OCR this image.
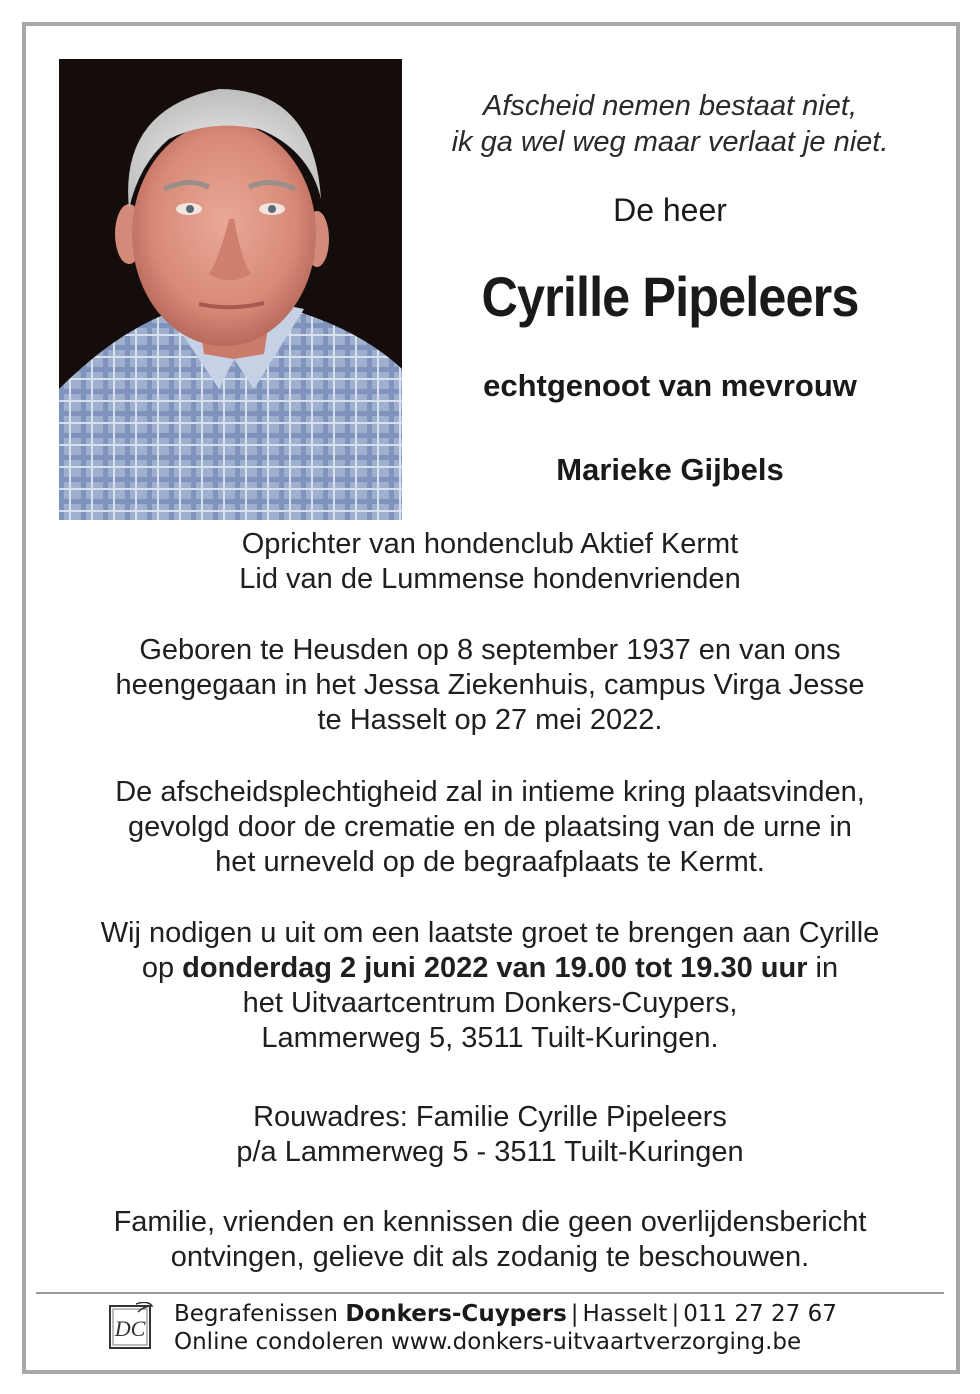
Afscheid nemen bestaat niet,
ik ga wel weg maar verlaat je niet.
De heer
Cyrille Pipeleers
echtgenoot van mevrouw
Marieke Gijbels
Oprichter van hondenclub Aktief Kermt
Lid van de Lummense hondenvrienden
Geboren te Heusden op 8 september 1937 en van ons
heengegaan in het Jessa Ziekenhuis, campus Virga Jesse
te Hasselt op 27 mei 2022.
De afscheidsplechtigheid zal in intieme kring plaatsvinden,
gevolgd door de crematie en de plaatsing van de urne in
het urneveld op de begraafplaats te Kermt.
Wij nodigen u uit om een laatste groet te brengen aan Cyrille
op donderdag 2 juni 2022 van 19.00 tot 19.30 uur in
het Uitvaartcentrum Donkers-Cuypers,
Lammerweg 5, 3511 Tuilt-Kuringen.
Rouwadres: Familie Cyrille Pipeleers
p/a Lammerweg 5 - 3511 Tuilt-Kuringen
Familie, vrienden en kennissen die geen overlijdensbericht
ontvingen, gelieve dit als zodanig te beschouwen.
DC
Begrafenissen Donkers-Cuypers | Hasselt | 011 27 27 67
Online condoleren www.donkers-uitvaartverzorging.be
